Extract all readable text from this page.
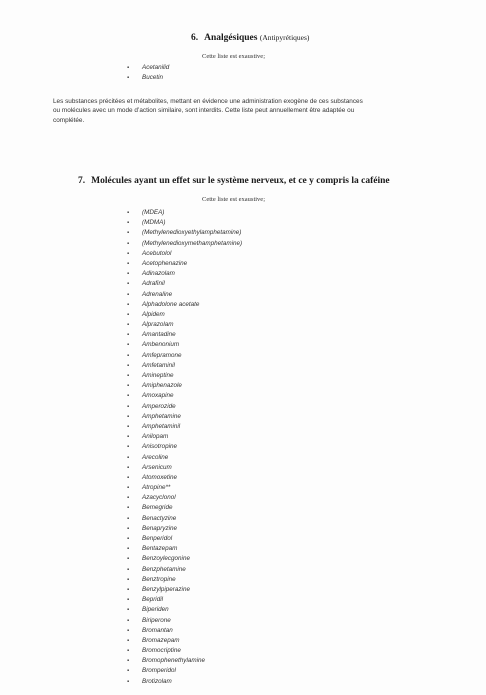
6. Analgésiques (Antipyrétiques)
Cette liste est exaustive;
▪ Acetanilid
▪ Bucetin
Les substances précitées et métabolites, mettant en évidence une administration exogène de ces substances
ou molécules avec un mode d’action similaire, sont interdits. Cette liste peut annuellement être adaptée ou
complétée.
7. Molécules ayant un effet sur le système nerveux, et ce y compris la caféine
Cette liste est exaustive;
▪ (MDEA)
▪ (MDMA)
▪ (Methylenedioxyethylamphetamine)
▪ (Methylenedioxymethamphetamine)
▪ Acebutolol
▪ Acetophenazine
▪ Adinazolam
▪ Adrafinil
▪ Adrenaline
▪ Alphadolone acetate
▪ Alpidem
▪ Alprazolam
▪ Amantadine
▪ Ambenonium
▪ Amfepramone
▪ Amfetaminil
▪ Amineptine
▪ Amiphenazole
▪ Amoxapine
▪ Amperozide
▪ Amphetamine
▪ Amphetaminil
▪ Anilopam
▪ Anisotropine
▪ Arecoline
▪ Arsenicum
▪ Atomoxetine
▪ Atropine**
▪ Azacyclonol
▪ Bemegride
▪ Benactyzine
▪ Benapryzine
▪ Benperidol
▪ Bentazepam
▪ Benzoylecgonine
▪ Benzphetamine
▪ Benztropine
▪ Benzylpiperazine
▪ Bepridil
▪ Biperiden
▪ Biriperone
▪ Bromantan
▪ Bromazepam
▪ Bromocriptine
▪ Bromophenethylamine
▪ Bromperidol
▪ Brotizolam
